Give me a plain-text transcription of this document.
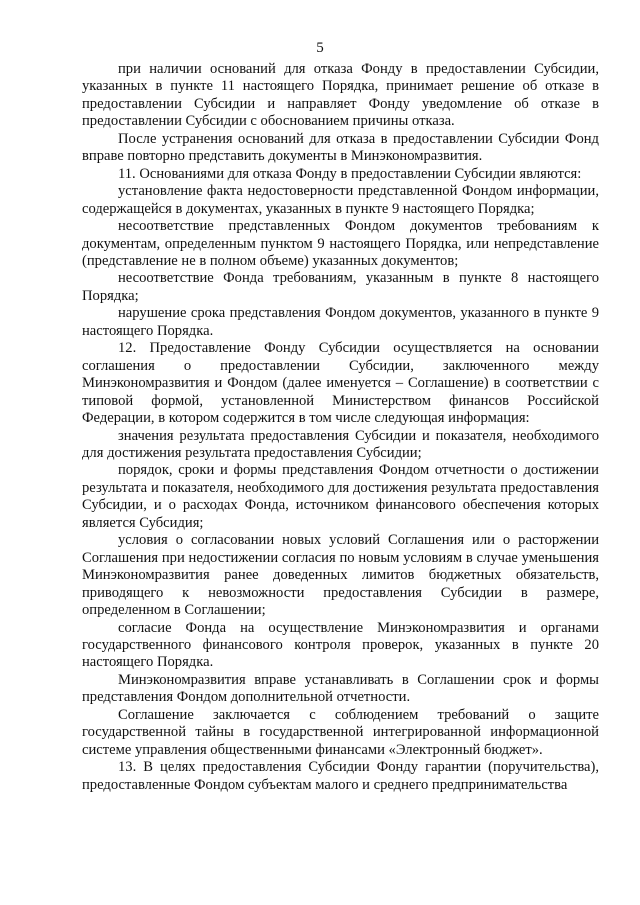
5

при наличии оснований для отказа Фонду в предоставлении Субсидии, указанных в пункте 11 настоящего Порядка, принимает решение об отказе в предоставлении Субсидии и направляет Фонду уведомление об отказе в предоставлении Субсидии с обоснованием причины отказа.

После устранения оснований для отказа в предоставлении Субсидии Фонд вправе повторно представить документы в Минэкономразвития.

11. Основаниями для отказа Фонду в предоставлении Субсидии являются:

установление факта недостоверности представленной Фондом информации, содержащейся в документах, указанных в пункте 9 настоящего Порядка;

несоответствие представленных Фондом документов требованиям к документам, определенным пунктом 9 настоящего Порядка, или непредставление (представление не в полном объеме) указанных документов;

несоответствие Фонда требованиям, указанным в пункте 8 настоящего Порядка;

нарушение срока представления Фондом документов, указанного в пункте 9 настоящего Порядка.

12. Предоставление Фонду Субсидии осуществляется на основании соглашения о предоставлении Субсидии, заключенного между Минэкономразвития и Фондом (далее именуется – Соглашение) в соответствии с типовой формой, установленной Министерством финансов Российской Федерации, в котором содержится в том числе следующая информация:

значения результата предоставления Субсидии и показателя, необходимого для достижения результата предоставления Субсидии;

порядок, сроки и формы представления Фондом отчетности о достижении результата и показателя, необходимого для достижения результата предоставления Субсидии, и о расходах Фонда, источником финансового обеспечения которых является Субсидия;

условия о согласовании новых условий Соглашения или о расторжении Соглашения при недостижении согласия по новым условиям в случае уменьшения Минэкономразвития ранее доведенных лимитов бюджетных обязательств, приводящего к невозможности предоставления Субсидии в размере, определенном в Соглашении;

согласие Фонда на осуществление Минэкономразвития и органами государственного финансового контроля проверок, указанных в пункте 20 настоящего Порядка.

Минэкономразвития вправе устанавливать в Соглашении срок и формы представления Фондом дополнительной отчетности.

Соглашение заключается с соблюдением требований о защите государственной тайны в государственной интегрированной информационной системе управления общественными финансами «Электронный бюджет».

13. В целях предоставления Субсидии Фонду гарантии (поручительства), предоставленные Фондом субъектам малого и среднего предпринимательства
